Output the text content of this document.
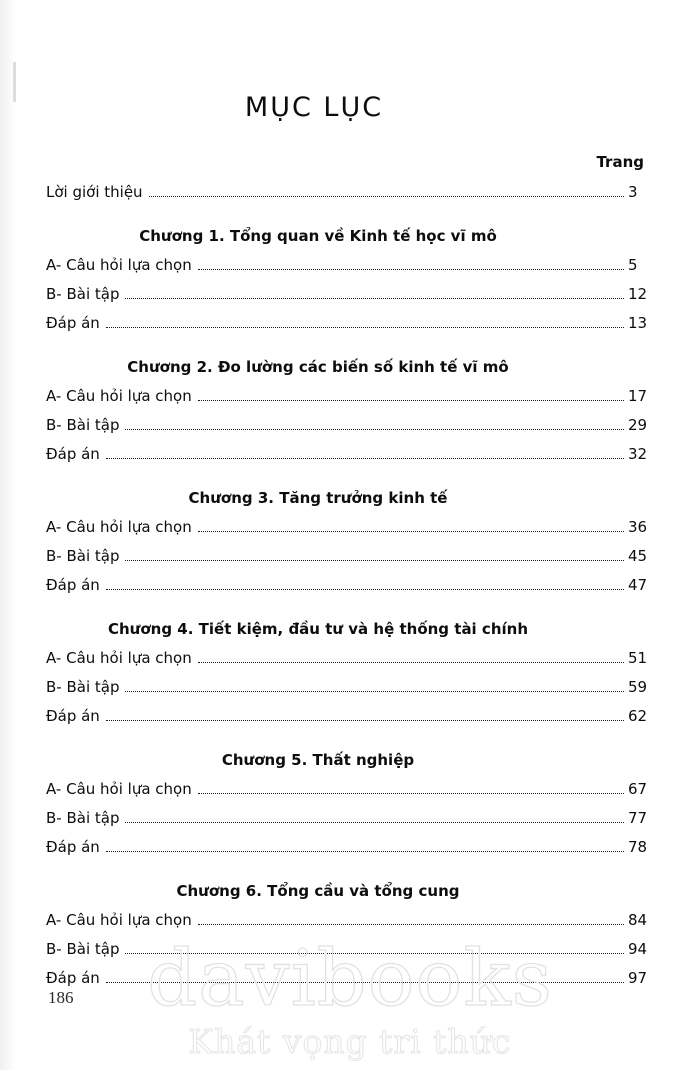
MỤC LỤC
Trang
Lời giới thiệu	3
Chương 1. Tổng quan về Kinh tế học vĩ mô
A- Câu hỏi lựa chọn	5
B- Bài tập	12
Đáp án	13
Chương 2. Đo lường các biến số kinh tế vĩ mô
A- Câu hỏi lựa chọn	17
B- Bài tập	29
Đáp án	32
Chương 3. Tăng trưởng kinh tế
A- Câu hỏi lựa chọn	36
B- Bài tập	45
Đáp án	47
Chương 4. Tiết kiệm, đầu tư và hệ thống tài chính
A- Câu hỏi lựa chọn	51
B- Bài tập	59
Đáp án	62
Chương 5. Thất nghiệp
A- Câu hỏi lựa chọn	67
B- Bài tập	77
Đáp án	78
Chương 6. Tổng cầu và tổng cung
A- Câu hỏi lựa chọn	84
B- Bài tập	94
Đáp án	97
186 davibooks
Khát vọng tri thức
